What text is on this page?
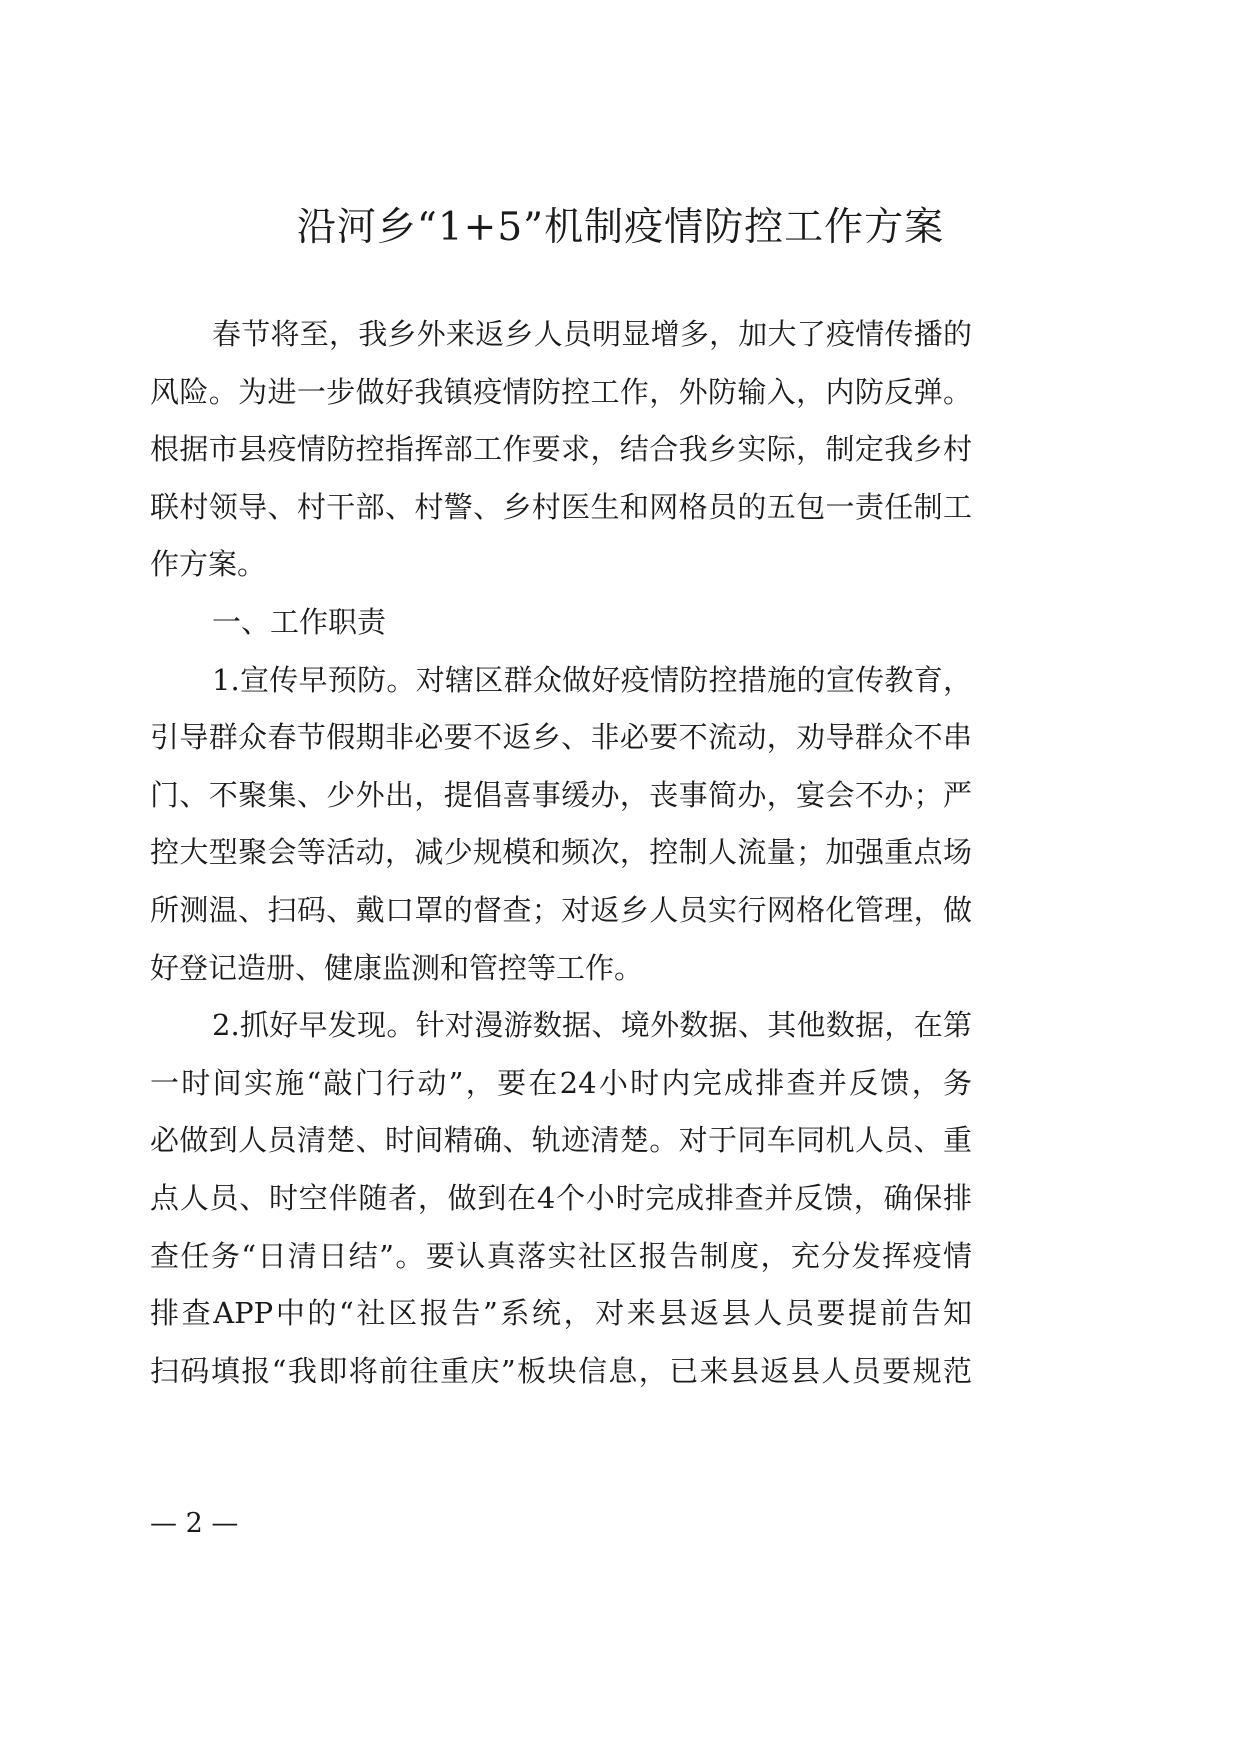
沿河乡“1+5”机制疫情防控工作方案
春节将至，我乡外来返乡人员明显增多，加大了疫情传播的
风险。为进一步做好我镇疫情防控工作，外防输入，内防反弹。
根据市县疫情防控指挥部工作要求，结合我乡实际，制定我乡村
联村领导、村干部、村警、乡村医生和网格员的五包一责任制工
作方案。
一、工作职责
1.宣传早预防。对辖区群众做好疫情防控措施的宣传教育，
引导群众春节假期非必要不返乡、非必要不流动，劝导群众不串
门、不聚集、少外出，提倡喜事缓办，丧事简办，宴会不办；严
控大型聚会等活动，减少规模和频次，控制人流量；加强重点场
所测温、扫码、戴口罩的督查；对返乡人员实行网格化管理，做
好登记造册、健康监测和管控等工作。
2.抓好早发现。针对漫游数据、境外数据、其他数据，在第
一时间实施“敲门行动”，要在24小时内完成排查并反馈，务
必做到人员清楚、时间精确、轨迹清楚。对于同车同机人员、重
点人员、时空伴随者，做到在4个小时完成排查并反馈，确保排
查任务“日清日结”。要认真落实社区报告制度，充分发挥疫情
排查APP中的“社区报告”系统，对来县返县人员要提前告知
扫码填报“我即将前往重庆”板块信息，已来县返县人员要规范
— 2 —
